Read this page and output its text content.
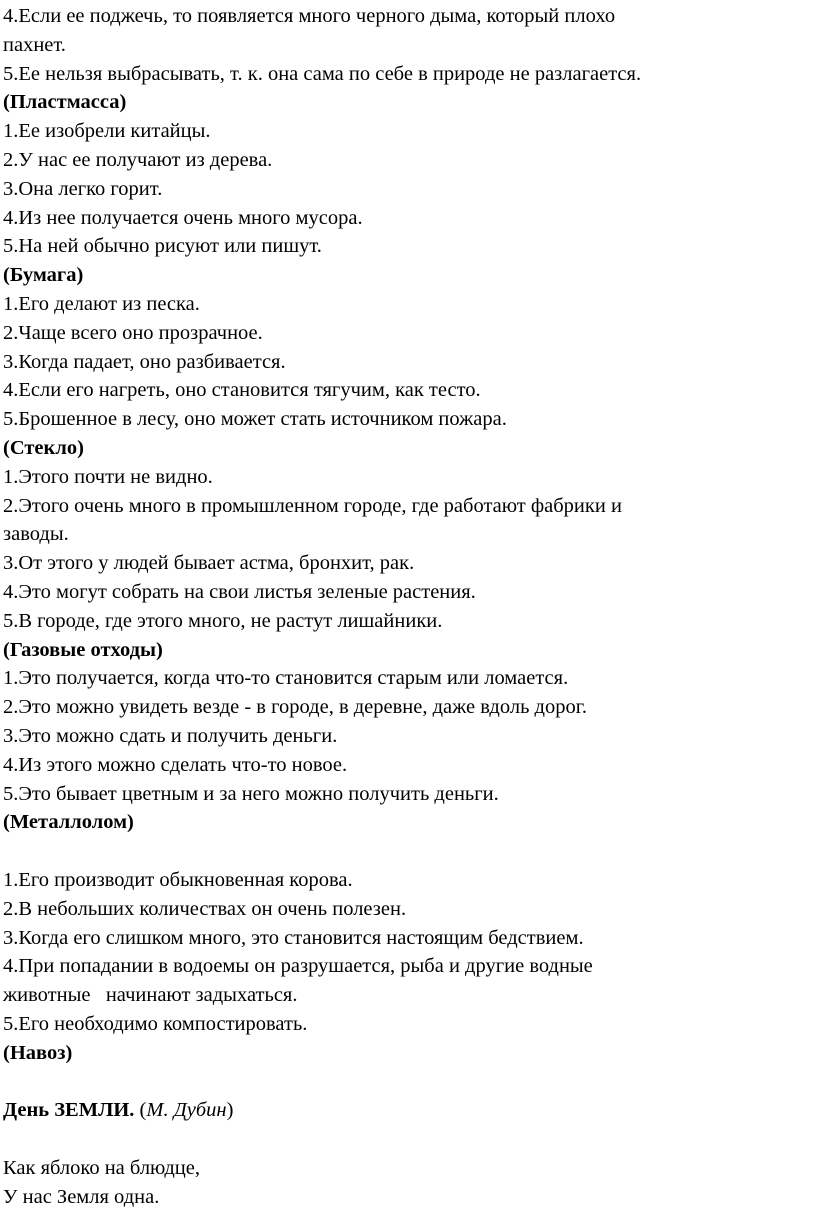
4.Если ее поджечь, то появляется много черного дыма, который плохо

пахнет.

5.Ее нельзя выбрасывать, т. к. она сама по себе в природе не разлагается.

(Пластмасса)

1.Ее изобрели китайцы.

2.У нас ее получают из дерева.

3.Она легко горит.

4.Из нее получается очень много мусора.

5.На ней обычно рисуют или пишут.

(Бумага)

1.Его делают из песка.

2.Чаще всего оно прозрачное.

3.Когда падает, оно разбивается.

4.Если его нагреть, оно становится тягучим, как тесто.

5.Брошенное в лесу, оно может стать источником пожара.

(Стекло)

1.Этого почти не видно.

2.Этого очень много в промышленном городе, где работают фабрики и

заводы.

3.От этого у людей бывает астма, бронхит, рак.

4.Это могут собрать на свои листья зеленые растения.

5.В городе, где этого много, не растут лишайники.

(Газовые отходы)

1.Это получается, когда что-то становится старым или ломается.

2.Это можно увидеть везде - в городе, в деревне, даже вдоль дорог.

3.Это можно сдать и получить деньги.

4.Из этого можно сделать что-то новое.

5.Это бывает цветным и за него можно получить деньги.

(Металлолом)

1.Его производит обыкновенная корова.

2.В небольших количествах он очень полезен.

3.Когда его слишком много, это становится настоящим бедствием.

4.При попадании в водоемы он разрушается, рыба и другие водные

животные   начинают задыхаться.

5.Его необходимо компостировать.

(Навоз)

День ЗЕМЛИ. (М. Дубин)

Как яблоко на блюдце,

У нас Земля одна.
